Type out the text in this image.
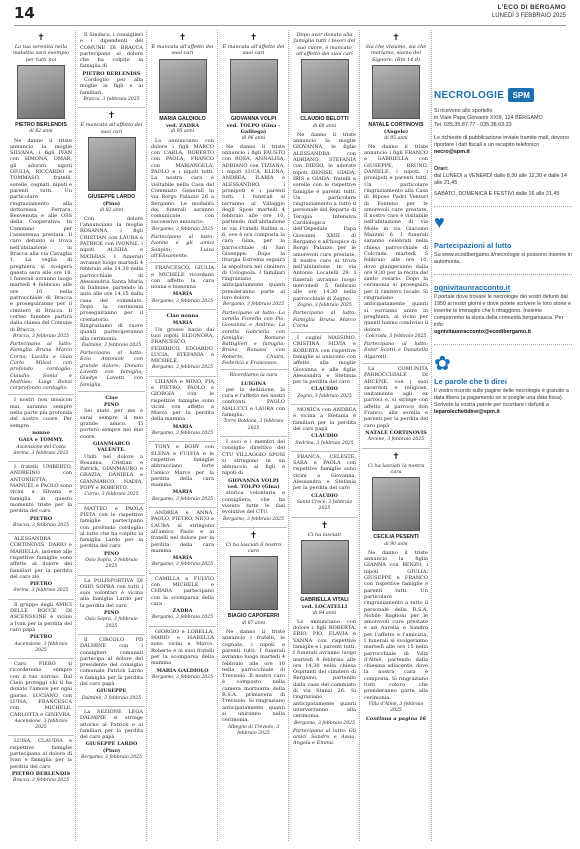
14	L'ECO DI BERGAMO
LUNEDÌ 3 FEBBRAIO 2025
✝
La tua serenità nella malattia sarà esempio per tutti noi
PIETRO BERLENDIS
di 82 anni
Ne danno il triste annuncio la moglie SILVANA, i figli IVAN con SIMONA, OMAR, gli adorati nipoti GIULIA, RICCARDO e TOMMASO, fratelli, sorelle, cognati, nipoti e parenti tutti. Un particolare ringraziamento alla dottoressa Ferrara, Benvenuta e alle OSS della Cooperativa In Cammino per l'assistenza prestata. Il caro defunto si trova nell'abitazione in Bracca alla via Cavaglia 1. La veglia di preghiera si svolgerà questa sera alle ore 18. I funerali avranno luogo martedì 4 febbraio alle ore 10 nella parrocchiale di Bracca e proseguiranno per il cimitero di Bracca. Il corteo funebre partirà dalla chiesa del Comune di Bracca.
Bracca, 3 febbraio 2025
Partecipano al lutto: Famiglia Bruna Marco Corna; Lucilla e Gian Carlo Milesi con profondo cordoglio; Claudio, Sonia e Mathias; Luigi Bonzi corprofondo cordoglio.
I nostri non musicon mai, saranno sempre nella parte più profonda del nostro cuore. Per sempre
nonno
GAIA e TOMMY.
Ascensione del Costa Serina, 3 febbraio 2025
I fratelli UMBERTO, ANDREINO con ANTONIETTA, MANUEL e PAOLO sono vicini a Silvana e famiglia in questo momento triste per la perdita del caro
PIETRO
Bracca, 3 febbraio 2025
ALESSANDRA CORTINOVIS, DARIO e MARIELLA, insieme alle rispettive famiglie sono affetto al dolore dei familiari per la perdita del caro zio
PIETRO
Serina, 3 febbraio 2025
Il gruppo degli AMICI DELLE ROCCE DI ASCENSIONE è vicino a Ivan per la perdita del caro papà
PIETRO
Ascensione, 3 febbraio 2025
Caro PIERO ti ricorderemo sempre con il tuo sorriso. Dal Cielo proteggi chi ti ha donato l'amore per ogni giorno. LUCIANO con LUISA, FRANCESCA con MICHELE, CARLOTTA e GINEVRA.
Ascensione, 3 febbraio 2025
LUISA, CLAUDIA e rispettive famiglie partecipano al dolore di Ivan e famiglia per la perdita del caro
PIETRO BERLENDIS
Bracca, 3 febbraio 2025
Il Sindaco, i consiglieri e i dipendenti del COMUNE DI BRACCA partecipano al dolore che ha colpito la famiglia di
PIETRO BERLENDIS
Cordoglio per alla moglie ai figli e ai familiari.
Bracca, 3 febbraio 2025
✝
È mancato all'affetto dei suoi cari
GIUSEPPE LARDO
(Pino)
di 82 anni
Con dolore l'annunciano la moglie ROSANNA, i figli CRISTIAN con LAURA e PATRICK con IVONNE, i nipoti ALISHA e MATHIAS. I funerali avranno luogo martedì 4 febbraio alle 14,30 nella parrocchiale di Alessandria Santa Maria di Dalmine, partendo in auto alle ore 14,15 dalla casa del commiato. Dopo la cerimonia proseguiranno per il crematorio. Ringraziamo di cuore quanti parteciperanno alla cerimonia.
Dalmine, 3 febbraio 2025
Partecipano al lutto: Ezio Antonioli con grande dolore; Donato Lavetti con famiglia; Gladys Lavetti con famiglia.
Ciao
PINO
Sei stato per me e sarai sempre il mio grande amico. Ti porterò sempre nel mio cuore.
GIANMARCO VALENTE.
Uniti nel dolore a Rosanna, Cristian e Patrick, GIANMAURO e GRAZIA, DANIELA e GIANMARCO, NADIA, POPY e ROBERTO.
Curno, 3 febbraio 2025
MATTEO e PAOLA PISTA con le rispettive famiglie partecipano con profondo cordoglio al lutto che ha colpito la famiglia Lardo per la perdita del caro
PINO
Osio Sopra, 3 febbraio 2025
La POLISPORTIVA DI OSIO SOPRA con tutti i suoi volontari è vicina alla famiglia Lardo per la perdita del caro
PINO
Osio Sopra, 3 febbraio 2025
Il CIRCOLO PD DALMINE con i consiglieri comunali partecipa al dolore del presidente del consiglio comunale Patrick Lardo e famiglia per la perdita del caro papà
GIUSEPPE
Dalmine, 3 febbraio 2025
La SEZIONE LEGA DALMINE si stringe attorno al Patrick e ai familiari per la perdita del caro papà
GIUSEPPE LARDO
(Pino)
Bergamo, 3 febbraio 2025
✝
È mancata all'affetto dei suoi cari
MARIA GALDIOLO
ved. ZADRA
di 95 anni
Lo annunciano con dolore i figli MARCO con CARLA, ROBERTO con PAOLA, FRANCO con MARIANGELA, PAOLO e i nipoti tutti. La nostra cara è visitabile nella Casa del Commiato Generali in via Borgo Palazzo 26 a Bergamo. Le modalità dei funerali saranno comunicate con successivo annuncio.
Bergamo, 3 febbraio 2025
Partecipano al lutto: Ivonne e gli amici Sanpini; Luisa all'Elisamente.
FRANCESCO, GIULIA e MICHELE ricordano con affetto la cara nonna e bisnonna
MARIA
Bergamo, 3 febbraio 2025
Ciao nonna
MARIA
Un grosso bacio dai tuoi nipoti ELEONORA, FRANCESCO, FEDERICO, EDOARDO, LUCIA, STEFANIA e MICHELE.
Bergamo, 3 febbraio 2025
LILIANA e MINO, PIA e PIETRO, PAOLO e GIORGIA con le rispettive famiglie sono vicini con affetto a Marco per la perdita della mamma
MARIA
Bergamo, 3 febbraio 2025
TONY e BOBY con ELENA e FULVIA e le rispettive famiglie abbracciano forte l'amico Marco per la perdita della cara mamma
MARIA
Bergamo, 3 febbraio 2025
ANDREA e ANNA, PAOLO, PIETRO, NICO e LAURA si stringono all'amico Paolo e ai fratelli nel dolore per la perdita della cara mamma
MARIA
Bergamo, 3 febbraio 2025
CAMILLA e FULVIO con MICHELE e CHIARA partecipano con la scomparsa della cara
ZADRA
Bergamo, 3 febbraio 2025
GIORGIO e LORELLA, MARIO e ISABELLA sono vicini a Marco, Roberto e ai suoi fratelli per la scomparsa della mamma
MARIA GALDIOLO
Bergamo, 3 febbraio 2025
✝
È mancata all'affetto dei suoi cari
GIOVANNA VOLPI
ved. TOLPO (Gina - Galliega)
di 96 anni
Ne danno il triste annuncio i figli FAUSTO con ROSA, ANNALISA, ADRIANO con TIZIANA, i nipoti LUCA, ELENA, ANDREA, ILARIA e ALESSANDRO, i pronipoti e i parenti tutti. I funerali si terranno al Villaggio degli Sposi martedì 4 febbraio alle ore 10, partendo dall'abitazione in via Fratelli Rullini n. 6, ove è ora composta la cara Gina, per la parrocchiale di San Giuseppe. Dopo la liturgia Estrema seguirà la sepoltura nel cimitero di Colognola. I familiari ringraziano anticipatamente quanti prenderanno parte al loro dolore.
Bergamo, 3 febbraio 2025
Partecipano al lutto: La sorella Fiorella con Pio, Giovanna e Andrea; La sorella Gabriella con famiglia; Romano Battiglieri e famiglia; Bruno Bonassi con Roberto, Chiara, Federica e Francesco.
Ricordiamo la cara
LUIGINA
per la dedizione, la cura e l'affetto nei nostri confronti. PAOLO MALUCCI e LAURA con famiglia.
Torre Boldone, 3 febbraio 2025
I soci e i membri del consiglio direttivo del CTU VILLAGGIO SPOSI si stringono in un abbraccio ai figli e nipoti di
GIOVANNA VOLPI
ved. TOLPO (Gina)
storica volontaria e consigliera, che ha vissuto tutte le fasi evolutive del CTU.
Bergamo, 3 febbraio 2025
✝
Ci ha lasciati il nostro caro
BIAGIO CAPOFERRI
di 87 anni
Ne danno il triste annuncio i fratelli, le cognate, i nipoti e parenti tutti. I funerali avranno luogo martedì 4 febbraio alle ore 10 nella parrocchiale di Trevisolo. Il nostro caro è composto nella camera mortuaria della R.S.A. primavera di Trevisolo. Si ringraziano anticipatamente quanti si uniranno nella cerimonia.
Albegno di Treviolo, 3 febbraio 2025
Dopo aver donato alla famiglia tutti i tesori del suo cuore, è mancato all'affetto dei suoi cari
CLAUDIO BELOTTI
di 68 anni
Ne danno il triste annuncio la moglie GIOVANNA, le figlie ALESSANDRA con ADRIANO, STEFANIA con DIEGO, le adorate nipoti DENISE, GIADA, IRIS e GIADA, fratelli e sorelle con le rispettive famiglie e parenti tutti. Un particolare ringraziamento a tutto il personale del Reparto di Terapia Intensiva Cardiologica dell'Ospedale Papa Giovanni XXIII di Bergamo e all'hospice di Borgo Palazzo per le amorevoli cure prestate. Il nostro caro si trova nell'abitazione in via Antonio Locatelli 29. I funerali avranno luogo mercoledì 5 febbraio alle ore 14,30 nella parrocchiale di Zogno.
Zogno, 3 febbraio 2025
Partecipano al lutto: Famiglia Bruna Marco Corna
I cugini MASSIMO, CRISTINA, SILVIA e ROBERTA con rispettive famiglie si uniscono con affetto alla moglie Giovanna e alle figlie Alessandra e Stefania per la perdita del caro
CLAUDIO
Zogno, 3 febbraio 2025
MONICA con ANDREA è vicina a Stefania e familiari per la perdita del caro papà
CLAUDIO
Sedrina, 3 febbraio 2025
FRANCA, CELESTE, SARA e PAOLA con rispettive famiglie sono vicini a Giovanna, Alessandra e Stefania per la perdita del caro
CLAUDIO
Santa Croce, 3 febbraio 2025
✝
Ci ha lasciati
GABRIELLA VITALI
ved. LOCATELLI
di 94 anni
Lo annunciano con dolore i figli ROBERTA, ERIO, PIO, FLAVIA e VANNA con rispettive famiglie e i parenti tutti. I funerali avranno luogo martedì 4 febbraio alle ore 14,30 nella chiesa Ospitanti del cimitero di Bergamo, partendo dalla casa del commiato di via Stanzi 26. Si ringraziano anticipatamente quanti interverranno alla cerimonia.
Bergamo, 3 febbraio 2025
Partecipano al lutto: Gli amici Sandro e Assia, Angela e Emma.
✝
Sia che viviamo, sia che moriamo, siamo del Signore. (Rm 14,8)
NATALE CORTINOVIS
(Angelo)
di 95 anni
Ne danno il triste annuncio i figli FRANCO e GABRIELLA con GIUSEPPE, BRUNO, DANIELE, i nipoti, i pronipoti e parenti tutti. Un particolare ringraziamento alla Casa di Riposo Padri Venturi di Fonteno per le amorevoli cure prestate. Il nostro caro è visitabile nell'abitazione di via Molle in via Giacomo Mazzini 6. I funerali saranno celebrati nella chiesa parrocchiale di Colcrada martedì 5 febbraio alle ore 10, dove giungeranno dalla ore 9,30 per la recita del santo rosario. Dopo la cerimonia si proseguirà per il cimitero locale. Si ringraziano anticipatamente quanti si vorranno unire in preghiera, ai vicini per quanti hanno condiviso il dolore.
Colcrada, 3 febbraio 2025
Partecipano al lutto: Ester Scotti e Donatella Algarotti.
La COMUNITÀ PARROCCHIALE DI ARCENE, con i suoi sacerdoti e religiose, unitamente agli ex parroci e, si stringe con affetto al parroco don Franco, alla sorella e parenti per la perdita del caro papà
NATALE CORTINOVIS
Arcene, 3 febbraio 2025
✝
Ci ha lasciati la nostra cara
CECILIA PESENTI
di 90 anni
Ne danno il triste annuncio la figlia GIANNA con BENZO, i nipoti GIULIA, GIUSEPPE e FRANCO con rispettive famiglie e parenti tutti. Un particolare ringraziamento a tutto il personale della R.S.A. Nobile Baglioni per le amorevoli cure prestate e ad Aurelia e Sandro per l'affetto e l'amicizia. I funerali si svolgeranno martedì alle ore 15 nella parrocchiale di Villa d'Almè, partendo dalla chiesina adiacente, dove la nostra cara è composta. Si ringraziano tutti coloro che prenderanno parte alla cerimonia.
Villa d'Almè, 3 febbraio 2025
Continua a pagina 16
NECROLOGIE	SPM
Si ricevono allo sportello
in Viale Papa Giovanni XXIII, 124 BERGAMO
Tel. 035.35.87.77 - 035.38.63.33
Le richieste di pubblicazione inviate tramite mail, devono riportare i dati fiscali e un recapito telefonico
necro@spm.it
Orari:
dal LUNEDÌ a VENERDÌ dalle 8,30 alle 12,30 e dalle 14 alle 21,45
SABATO, DOMENICA E FESTIVI dalle 16 alle 21,45
♥
Partecipazioni al lutto
Su www.ecodibergamo.it/necrologie si possono inserire in automonia.
ognivitaunracconto.it
Il portale dove trovare le necrologie dei vostri defunti dal 1950 ai nostri giorni e dove potete scrivere le loro storie e inserire le immagini che li ritraggono. Insieme comporremo la storia della comunità bergamasca. Per info:
ognivitaunracconto@ecodibergamo.it
✿
Le parole che ti direi
Il vostro ricordo sulle pagine delle necrologie è gratuito a data libera (a pagamento se si sceglie una data fissa). Scrivete la vostra parole per ricordare i defunti a
leparolechetidirei@spm.it
